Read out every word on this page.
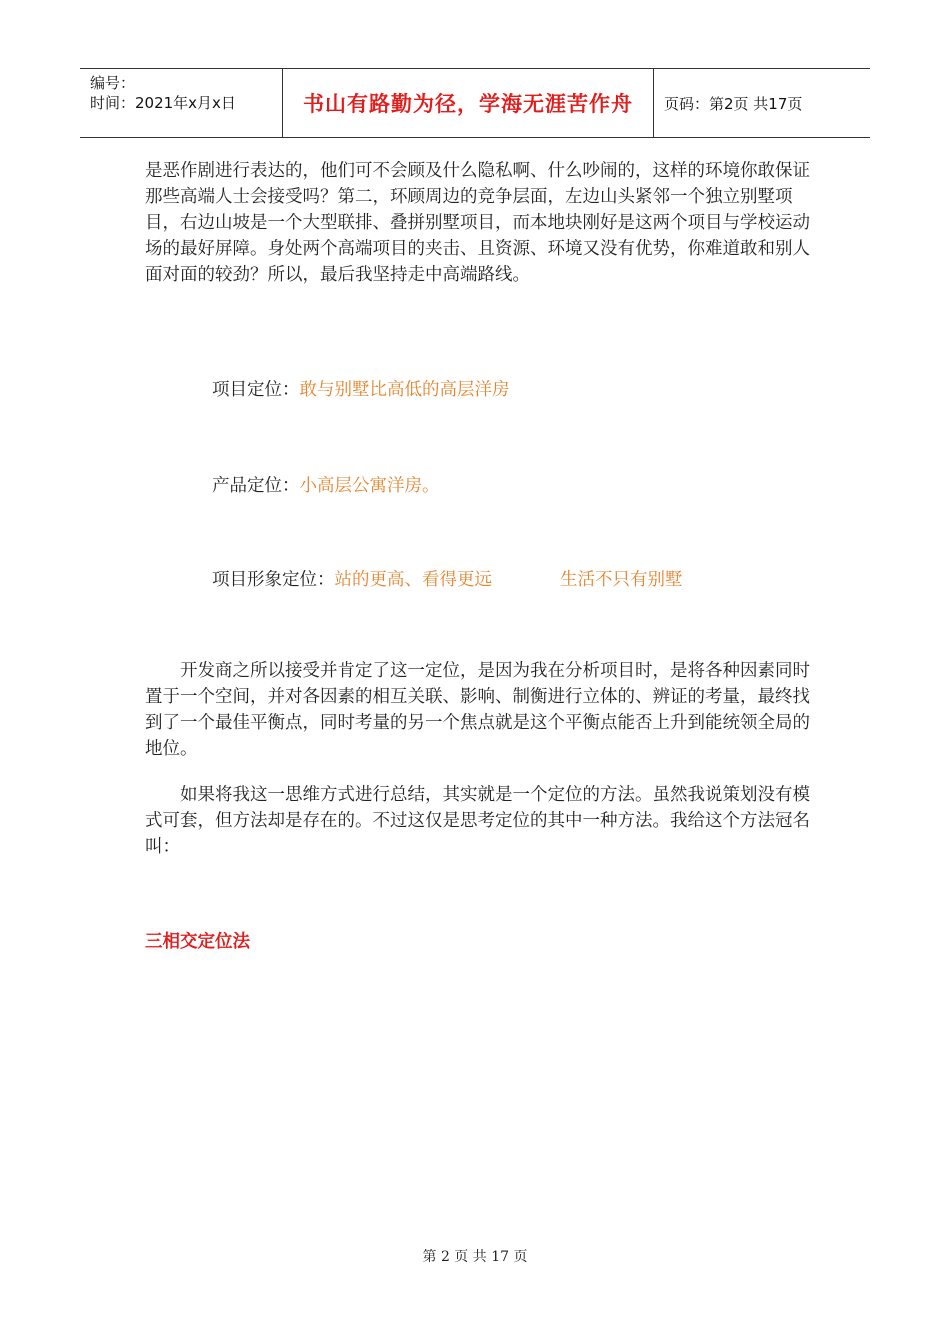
编号：
时间：2021年x月x日	书山有路勤为径，学海无涯苦作舟 页码：第2页 共17页

是恶作剧进行表达的，他们可不会顾及什么隐私啊、什么吵闹的，这样的环境你敢保证那些高端人士会接受吗？第二，环顾周边的竞争层面，左边山头紧邻一个独立别墅项目，右边山坡是一个大型联排、叠拼别墅项目，而本地块刚好是这两个项目与学校运动场的最好屏障。身处两个高端项目的夹击、且资源、环境又没有优势，你难道敢和别人面对面的较劲？所以，最后我坚持走中高端路线。

项目定位：敢与别墅比高低的高层洋房
产品定位：小高层公寓洋房。
项目形象定位：站的更高、看得更远	生活不只有别墅

开发商之所以接受并肯定了这一定位，是因为我在分析项目时，是将各种因素同时置于一个空间，并对各因素的相互关联、影响、制衡进行立体的、辨证的考量，最终找到了一个最佳平衡点，同时考量的另一个焦点就是这个平衡点能否上升到能统领全局的地位。

如果将我这一思维方式进行总结，其实就是一个定位的方法。虽然我说策划没有模式可套，但方法却是存在的。不过这仅是思考定位的其中一种方法。我给这个方法冠名叫：

三相交定位法
第 2 页 共 17 页
